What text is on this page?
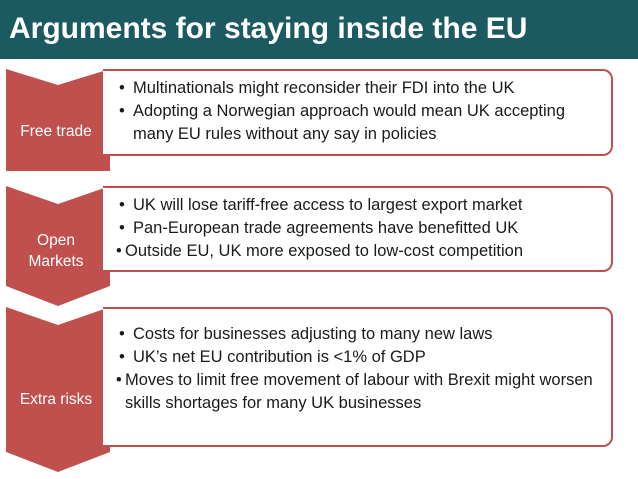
Arguments for staying inside the EU
Free trade
• Multinationals might reconsider their FDI into the UK
• Adopting a Norwegian approach would mean UK accepting many EU rules without any say in policies
Open Markets
• UK will lose tariff-free access to largest export market
• Pan-European trade agreements have benefitted UK
• Outside EU, UK more exposed to low-cost competition
Extra risks
• Costs for businesses adjusting to many new laws
• UK’s net EU contribution is <1% of GDP
• Moves to limit free movement of labour with Brexit might worsen skills shortages for many UK businesses
